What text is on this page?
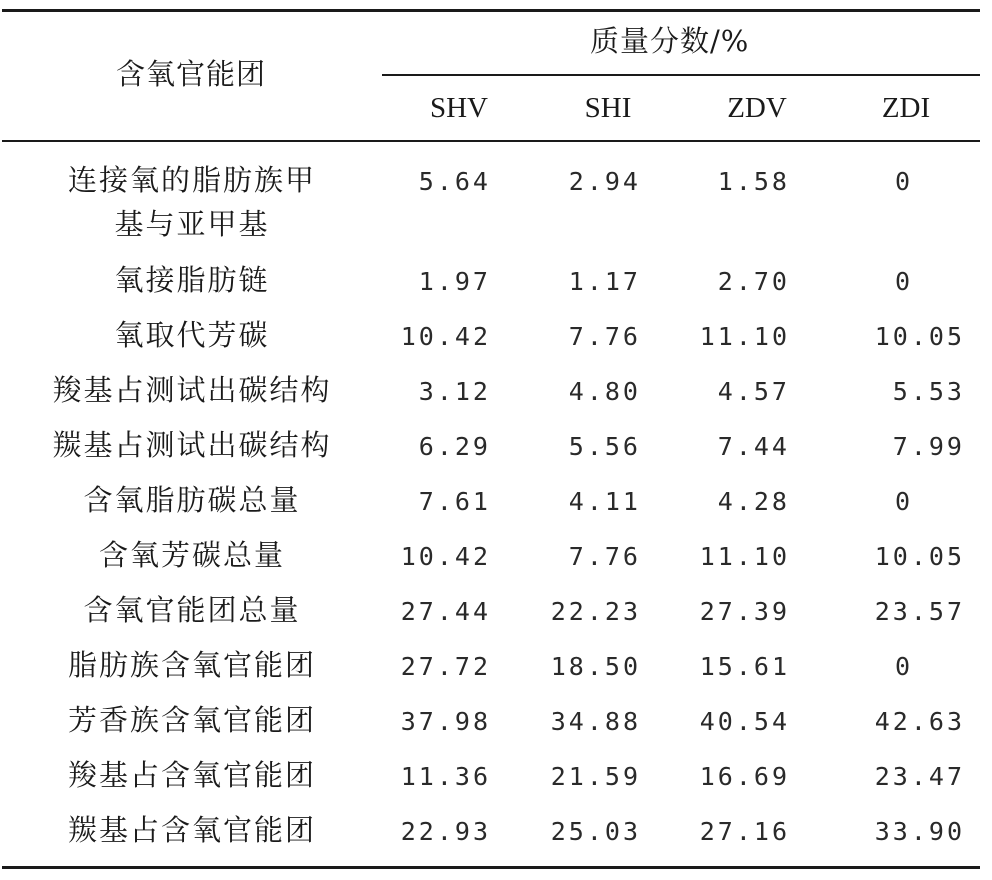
含氧官能团
质量分数/%
SHV	SHI	ZDV	ZDI
连接氧的脂肪族甲
基与亚甲基
5.64	2.94	1.58	0
氧接脂肪链	1.97	1.17	2.70	0
氧取代芳碳	10.42	7.76	11.10	10.05
羧基占测试出碳结构	3.12	4.80	4.57	5.53
羰基占测试出碳结构	6.29	5.56	7.44	7.99
含氧脂肪碳总量	7.61	4.11	4.28	0
含氧芳碳总量	10.42	7.76	11.10	10.05
含氧官能团总量	27.44	22.23	27.39	23.57
脂肪族含氧官能团	27.72	18.50	15.61	0
芳香族含氧官能团	37.98	34.88	40.54	42.63
羧基占含氧官能团	11.36	21.59	16.69	23.47
羰基占含氧官能团	22.93	25.03	27.16	33.90
